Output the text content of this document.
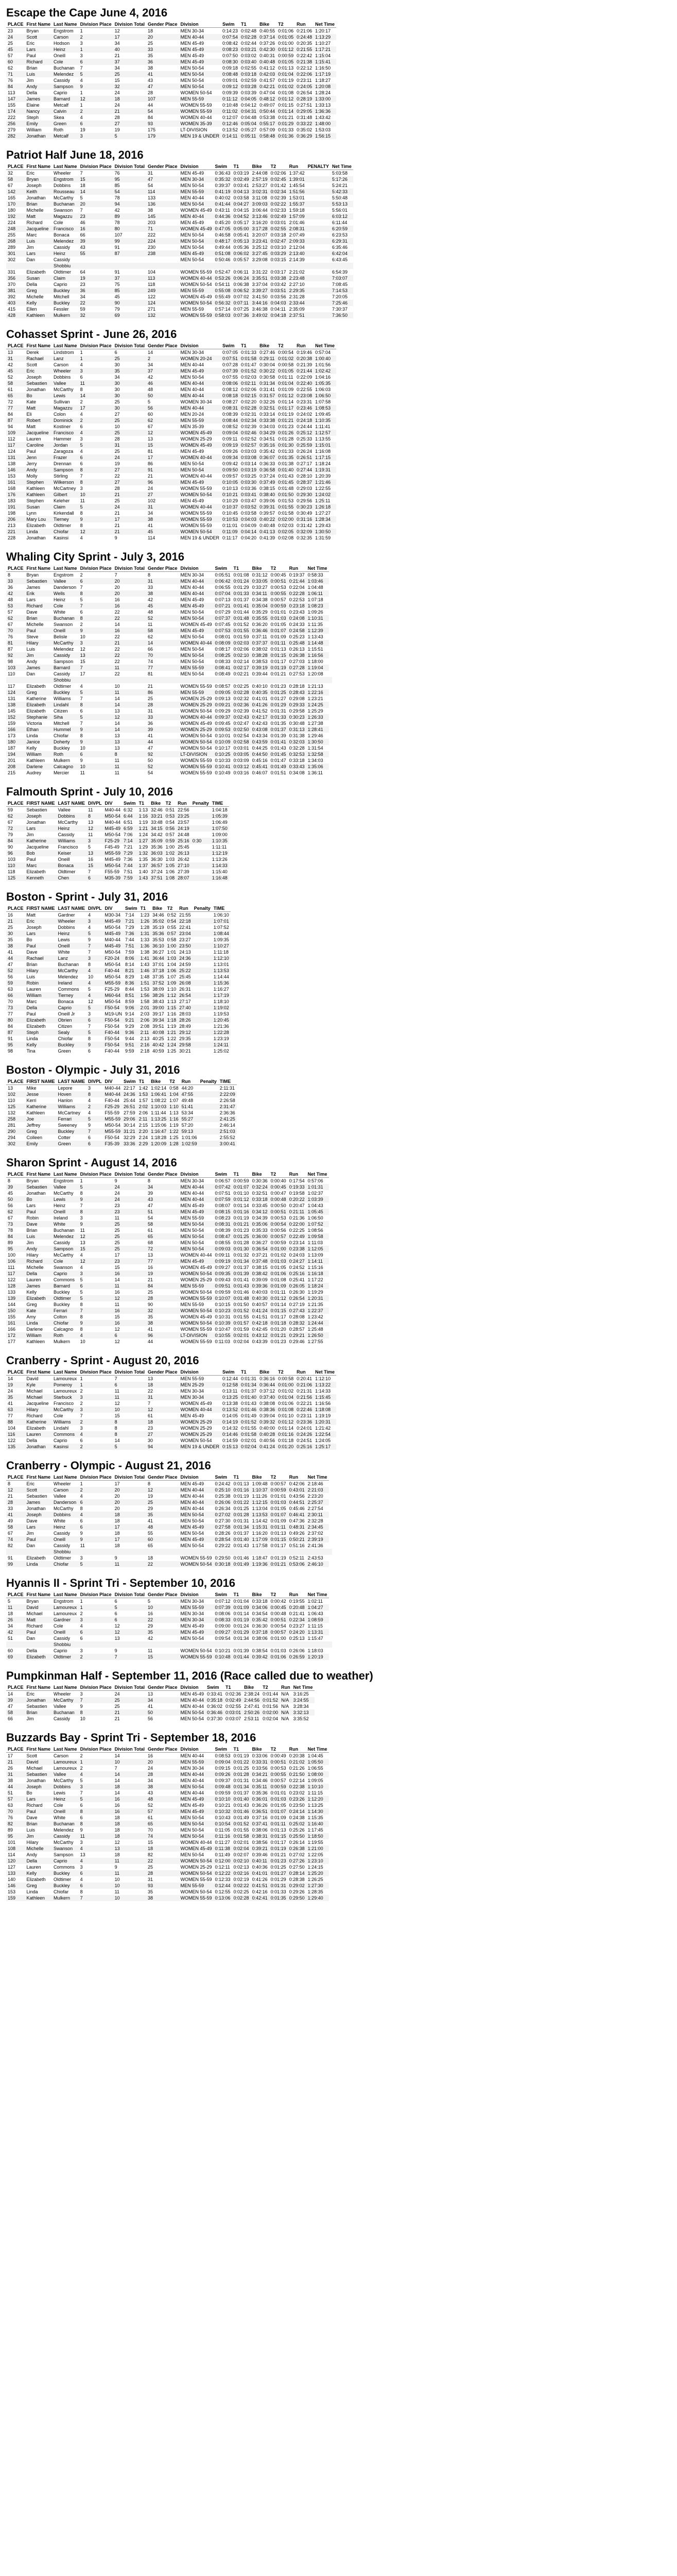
Escape the Cape June 4, 2016
PLACE	First Name	Last Name	Division Place	Division Total	Gender Place	Division	Swim	T1	Bike	T2	Run	Net Time
23	Bryan	Engstrom	1	12	18	MEN 30-34	0:14:23	0:02:48	0:40:55	0:01:06	0:21:06	1:20:17
24	Scott	Carson	2	17	20	MEN 40-44	0:07:54	0:02:28	0:37:14	0:01:05	0:24:48	1:13:29
25	Eric	Hodson	3	34	25	MEN 45-49	0:08:42	0:02:44	0:37:26	0:01:00	0:20:35	1:10:27
45	Lars	Heinz	1	40	33	MEN 45-49	0:08:23	0:03:21	0:42:30	0:01:12	0:21:55	1:17:21
57	Paul	Oneill	3	21	35	MEN 45-49	0:07:50	0:03:02	0:40:31	0:00:59	0:22:42	1:15:04
60	Richard	Cole	6	37	36	MEN 45-49	0:08:30	0:03:40	0:40:48	0:01:05	0:21:38	1:15:41
62	Brian	Buchanan	7	34	38	MEN 50-54	0:09:18	0:02:55	0:41:12	0:01:13	0:22:12	1:16:50
71	Luis	Melendez	5	25	41	MEN 50-54	0:08:48	0:03:18	0:42:03	0:01:04	0:22:06	1:17:19
76	Jim	Cassidy	4	15	43	MEN 50-54	0:09:01	0:02:59	0:41:57	0:01:19	0:23:11	1:18:27
84	Andy	Sampson	9	32	47	MEN 50-54	0:09:12	0:03:28	0:42:21	0:01:02	0:24:05	1:20:08
113	Della	Caprio	1	24	28	WOMEN 50-54	0:09:39	0:03:39	0:47:04	0:01:08	0:26:54	1:28:24
147	James	Barnard	12	18	107	MEN 55-59	0:11:12	0:04:05	0:48:12	0:01:12	0:28:19	1:33:00
155	Elaine	Metcalf	1	24	44	WOMEN 55-59	0:10:48	0:04:12	0:49:07	0:01:15	0:27:51	1:33:13
174	Nancy	Calvin	2	21	54	WOMEN 55-59	0:11:02	0:04:31	0:50:44	0:01:14	0:29:05	1:36:36
222	Steph	Skea	4	28	84	WOMEN 40-44	0:12:07	0:04:48	0:53:38	0:01:21	0:31:48	1:43:42
256	Emily	Green	6	27	93	WOMEN 35-39	0:12:46	0:05:04	0:55:17	0:01:29	0:33:22	1:48:00
279	William	Roth	19	19	175	LT-DIVISION	0:13:52	0:05:27	0:57:09	0:01:33	0:35:02	1:53:03
282	Jonathan	Metcalf	3	5	179	MEN 19 & UNDER	0:14:11	0:05:11	0:58:48	0:01:36	0:36:29	1:56:15
Patriot Half June 18, 2016
PLACE	First Name	Last Name	Division Place	Division Total	Gender Place	Division	Swim	T1	Bike	T2	Run	PENALTY	Net Time
32	Eric	Wheeler	7	76	31	MEN 45-49	0:36:43	0:03:19	2:44:08	0:02:06	1:37:42		5:03:58
58	Bryan	Engstrom	15	95	47	MEN 30-34	0:35:32	0:02:49	2:57:19	0:02:45	1:39:01		5:17:26
67	Joseph	Dobbins	18	85	54	MEN 50-54	0:39:37	0:03:41	2:53:27	0:01:42	1:45:54		5:24:21
142	Keith	Rousseau	14	54	114	MEN 55-59	0:41:19	0:04:13	3:02:31	0:02:34	1:51:56		5:42:33
165	Jonathan	McCarthy	5	78	133	MEN 40-44	0:40:02	0:03:58	3:11:08	0:02:39	1:53:01		5:50:48
170	Brian	Buchanan	20	94	136	MEN 50-54	0:41:44	0:04:27	3:09:03	0:02:22	1:55:37		5:53:13
180	Michelle	Swanson	7	42	38	WOMEN 45-49	0:43:11	0:04:15	3:06:44	0:02:33	1:59:18		5:56:01
192	Matt	Magazzu	23	89	145	MEN 40-44	0:44:36	0:04:52	3:13:46	0:02:49	1:57:09		6:03:12
224	Richard	Cole	46	78	203	MEN 45-49	0:45:20	0:05:17	3:16:20	0:03:01	2:01:46		6:11:44
248	Jacqueline	Francisco	16	80	71	WOMEN 45-49	0:47:05	0:05:00	3:17:28	0:02:55	2:08:31		6:20:59
255	Marc	Bonaca	66	107	222	MEN 50-54	0:46:58	0:05:41	3:20:07	0:03:18	2:07:49		6:23:53
268	Luis	Melendez	39	99	224	MEN 50-54	0:48:17	0:05:13	3:23:41	0:02:47	2:09:33		6:29:31
289	Jim	Cassidy	43	91	230	MEN 50-54	0:49:44	0:05:36	3:25:12	0:03:10	2:12:04		6:35:46
301	Lars	Heinz	55	87	238	MEN 45-49	0:51:08	0:06:02	3:27:45	0:03:29	2:13:40		6:42:04
302	Dan	Cassidy				MEN 50-54	0:50:46	0:05:57	3:29:08	0:03:15	2:14:39		6:43:45
		Shobbiu											
331	Elizabeth	Oldtimer	64	91	104	WOMEN 55-59	0:52:47	0:06:11	3:31:22	0:03:17	2:21:02		6:54:39
356	Susan	Claim	19	37	113	WOMEN 40-44	0:53:26	0:06:24	3:35:51	0:03:38	2:23:48		7:03:07
370	Della	Caprio	23	75	118	WOMEN 50-54	0:54:11	0:06:38	3:37:04	0:03:42	2:27:10		7:08:45
381	Greg	Buckley	36	85	249	MEN 55-59	0:55:08	0:06:52	3:39:27	0:03:51	2:29:35		7:14:53
392	Michelle	Mitchell	34	45	122	WOMEN 45-49	0:55:49	0:07:02	3:41:50	0:03:56	2:31:28		7:20:05
403	Kelly	Buckley	22	90	124	WOMEN 50-54	0:56:32	0:07:11	3:44:16	0:04:03	2:33:44		7:25:46
415	Ellen	Fessler	59	79	271	MEN 55-59	0:57:14	0:07:25	3:46:38	0:04:11	2:35:09		7:30:37
428	Kathleen	Mulkern	32	69	132	WOMEN 55-59	0:58:03	0:07:36	3:49:02	0:04:18	2:37:51		7:36:50
Cohasset Sprint - June 26, 2016
PLACE	First Name	Last Name	Division Place	Division Total	Gender Place	Division	Swim	T1	Bike	T2	Run	Net Time
13	Derek	Lindstrom	1	6	14	MEN 30-34	0:07:05	0:01:33	0:27:46	0:00:54	0:19:46	0:57:04
31	Rachael	Lanz	1	25	2	WOMEN 20-24	0:07:51	0:01:58	0:29:11	0:01:02	0:20:38	1:00:40
42	Scott	Carson	4	30	34	MEN 40-44	0:07:28	0:01:47	0:30:04	0:00:58	0:21:39	1:01:56
45	Eric	Wheeler	3	35	37	MEN 45-49	0:07:39	0:01:52	0:30:22	0:01:05	0:21:44	1:02:42
52	Joseph	Dobbins	6	34	42	MEN 50-54	0:07:55	0:02:03	0:30:58	0:01:11	0:22:09	1:04:16
58	Sebastien	Vallee	11	30	46	MEN 40-44	0:08:06	0:02:11	0:31:34	0:01:04	0:22:40	1:05:35
61	Jonathan	McCarthy	8	30	48	MEN 40-44	0:08:12	0:02:06	0:31:41	0:01:09	0:22:55	1:06:03
65	Bo	Lewis	14	30	50	MEN 40-44	0:08:18	0:02:15	0:31:57	0:01:12	0:23:08	1:06:50
72	Kate	Sullivan	2	25	5	WOMEN 30-34	0:08:27	0:02:20	0:32:26	0:01:14	0:23:31	1:07:58
77	Matt	Magazzu	17	30	56	MEN 40-44	0:08:31	0:02:28	0:32:51	0:01:17	0:23:46	1:08:53
84	Eli	Colon	4	27	60	MEN 20-24	0:08:39	0:02:31	0:33:14	0:01:19	0:24:02	1:09:45
87	Robert	Dominick	2	25	62	MEN 55-59	0:08:44	0:02:34	0:33:38	0:01:21	0:24:18	1:10:35
94	Matt	Kostiner	6	10	67	MEN 35-39	0:08:52	0:02:39	0:34:03	0:01:23	0:24:44	1:11:41
109	Jacqueline	Francisco	4	25	12	WOMEN 45-49	0:09:04	0:02:46	0:34:29	0:01:26	0:25:12	1:12:57
112	Lauren	Hammer	3	28	13	WOMEN 25-29	0:09:11	0:02:52	0:34:51	0:01:28	0:25:33	1:13:55
117	Caroline	Jordan	5	31	15	WOMEN 45-49	0:09:19	0:02:57	0:35:16	0:01:30	0:25:59	1:15:01
124	Paul	Zaragoza	4	25	81	MEN 45-49	0:09:26	0:03:03	0:35:42	0:01:33	0:26:24	1:16:08
131	Jenn	Frazer	6	24	17	WOMEN 40-44	0:09:34	0:03:08	0:36:07	0:01:35	0:26:51	1:17:15
138	Jerry	Drennan	6	19	86	MEN 50-54	0:09:42	0:03:14	0:36:33	0:01:38	0:27:17	1:18:24
146	Andy	Sampson	8	27	91	MEN 50-54	0:09:50	0:03:19	0:36:58	0:01:40	0:27:44	1:19:31
153	Molly	Stirling	7	22	21	WOMEN 40-44	0:09:57	0:03:25	0:37:24	0:01:43	0:28:10	1:20:39
161	Stephen	Wilkerson	8	27	96	MEN 45-49	0:10:05	0:03:30	0:37:49	0:01:45	0:28:37	1:21:46
168	Kathleen	McCartney	3	28	24	WOMEN 55-59	0:10:13	0:03:36	0:38:15	0:01:48	0:29:03	1:22:55
176	Kathleen	Gilbert	10	21	27	WOMEN 50-54	0:10:21	0:03:41	0:38:40	0:01:50	0:29:30	1:24:02
183	Stephen	Keleher	11	25	102	MEN 45-49	0:10:29	0:03:47	0:39:06	0:01:53	0:29:56	1:25:11
191	Susan	Claim	5	24	31	WOMEN 40-44	0:10:37	0:03:52	0:39:31	0:01:55	0:30:23	1:26:18
198	Lynn	Kirkendall	8	21	34	WOMEN 55-59	0:10:45	0:03:58	0:39:57	0:01:58	0:30:49	1:27:27
206	Mary Lou	Tierney	9	17	38	WOMEN 55-59	0:10:53	0:04:03	0:40:22	0:02:00	0:31:16	1:28:34
213	Elizabeth	Oldtimer	8	21	41	WOMEN 55-59	0:11:01	0:04:09	0:40:48	0:02:03	0:31:42	1:29:43
221	Linda	Chiofar	12	21	45	WOMEN 50-54	0:11:09	0:04:14	0:41:13	0:02:05	0:32:09	1:30:50
228	Jonathan	Kasinsi	4	9	114	MEN 19 & UNDER	0:11:17	0:04:20	0:41:39	0:02:08	0:32:35	1:31:59
Whaling City Sprint - July 3, 2016
PLACE	First Name	Last Name	Division Place	Division Total	Gender Place	Division	Swim	T1	Bike	T2	Run	Net Time	
8	Bryan	Engstrom	2	7	8	MEN 30-34	0:05:51	0:01:08	0:31:12	0:00:45	0:19:37	0:58:33	
33	Sebastien	Vallee	6	20	31	MEN 40-44	0:06:42	0:01:24	0:33:05	0:00:51	0:21:44	1:03:46	
36	James	Danderson	7	20	33	MEN 40-44	0:06:55	0:01:29	0:33:27	0:00:53	0:22:04	1:04:48	
42	Erik	Wells	8	20	38	MEN 40-44	0:07:04	0:01:33	0:34:11	0:00:55	0:22:28	1:06:11	
48	Lars	Heinz	5	16	42	MEN 45-49	0:07:13	0:01:37	0:34:38	0:00:57	0:22:53	1:07:18	
53	Richard	Cole	7	16	45	MEN 45-49	0:07:21	0:01:41	0:35:04	0:00:59	0:23:18	1:08:23	
57	Dave	White	6	22	48	MEN 50-54	0:07:29	0:01:44	0:35:29	0:01:01	0:23:43	1:09:26	
62	Brian	Buchanan	8	22	52	MEN 50-54	0:07:37	0:01:48	0:35:55	0:01:03	0:24:08	1:10:31	
67	Michelle	Swanson	2	14	11	WOMEN 45-49	0:07:45	0:01:52	0:36:20	0:01:05	0:24:33	1:11:35	
70	Paul	Oneill	9	16	58	MEN 45-49	0:07:53	0:01:55	0:36:46	0:01:07	0:24:58	1:12:39	
76	Steve	Belisle	10	22	62	MEN 50-54	0:08:01	0:01:59	0:37:11	0:01:09	0:25:23	1:13:43	
81	Hilary	McCarthy	3	21	14	WOMEN 40-44	0:08:09	0:02:03	0:37:37	0:01:11	0:25:48	1:14:48	
87	Luis	Melendez	12	22	66	MEN 50-54	0:08:17	0:02:06	0:38:02	0:01:13	0:26:13	1:15:51	
92	Jim	Cassidy	13	22	70	MEN 50-54	0:08:25	0:02:10	0:38:28	0:01:15	0:26:38	1:16:56	
98	Andy	Sampson	15	22	74	MEN 50-54	0:08:33	0:02:14	0:38:53	0:01:17	0:27:03	1:18:00	
103	James	Barnard	7	11	77	MEN 55-59	0:08:41	0:02:17	0:39:19	0:01:19	0:27:28	1:19:04	
110	Dan	Cassidy	17	22	81	MEN 50-54	0:08:49	0:02:21	0:39:44	0:01:21	0:27:53	1:20:08	
		Shobbiu											
117	Elizabeth	Oldtimer	4	10	21	WOMEN 55-59	0:08:57	0:02:25	0:40:10	0:01:23	0:28:18	1:21:13	
124	Greg	Buckley	5	11	86	MEN 55-59	0:09:05	0:02:28	0:40:35	0:01:25	0:28:43	1:22:16	
131	Katherine	Williams	7	14	25	WOMEN 25-29	0:09:13	0:02:32	0:41:01	0:01:27	0:29:08	1:23:21	
138	Elizabeth	Lindahl	8	14	28	WOMEN 25-29	0:09:21	0:02:36	0:41:26	0:01:29	0:29:33	1:24:25	
145	Elizabeth	Citizen	6	13	31	WOMEN 50-54	0:09:29	0:02:39	0:41:52	0:01:31	0:29:58	1:25:29	
152	Stephanie	Siha	5	12	33	WOMEN 40-44	0:09:37	0:02:43	0:42:17	0:01:33	0:30:23	1:26:33	
159	Victoria	Mitchell	7	14	36	WOMEN 45-49	0:09:45	0:02:47	0:42:43	0:01:35	0:30:48	1:27:38	
166	Ethan	Hummel	9	14	39	WOMEN 25-29	0:09:53	0:02:50	0:43:08	0:01:37	0:31:13	1:28:41	
173	Linda	Chiofar	8	13	41	WOMEN 50-54	0:10:01	0:02:54	0:43:34	0:01:39	0:31:38	1:29:46	
180	Janice	Doherty	9	13	44	WOMEN 50-54	0:10:09	0:02:58	0:43:59	0:01:41	0:32:03	1:30:50	
187	Kelly	Buckley	10	13	47	WOMEN 50-54	0:10:17	0:03:01	0:44:25	0:01:43	0:32:28	1:31:54	
194	William	Roth	6	8	92	LT-DIVISION	0:10:25	0:03:05	0:44:50	0:01:45	0:32:53	1:32:58	
201	Kathleen	Mulkern	9	11	50	WOMEN 55-59	0:10:33	0:03:09	0:45:16	0:01:47	0:33:18	1:34:03	
208	Darlene	Calcagno	10	11	52	WOMEN 55-59	0:10:41	0:03:12	0:45:41	0:01:49	0:33:43	1:35:06	
215	Audrey	Mercier	11	11	54	WOMEN 55-59	0:10:49	0:03:16	0:46:07	0:01:51	0:34:08	1:36:11	
Falmouth Sprint - July 10, 2016
PLACE	FIRST NAME	LAST NAME	DIVPL	DIV	Swim	T1	Bike	T2	Run	Penalty	TIME
59	Sebastien	Vallee	11	M40-44	6:32	1:13	32:46	0:51	22:56		1:04:18
62	Joseph	Dobbins	8	M50-54	6:44	1:16	33:21	0:53	23:25		1:05:39
67	Jonathan	McCarthy	13	M40-44	6:51	1:19	33:48	0:54	23:57		1:06:49
72	Lars	Heinz	12	M45-49	6:59	1:21	34:15	0:56	24:19		1:07:50
79	Jim	Cassidy	11	M50-54	7:06	1:24	34:42	0:57	24:48		1:09:00
84	Katherine	Williams	3	F25-29	7:14	1:27	35:09	0:59	25:16	0:30	1:10:35
90	Jacqueline	Francisco	5	F45-49	7:21	1:29	35:36	1:00	25:45		1:11:11
96	Bob	Keiser	13	M55-59	7:29	1:32	36:03	1:02	26:13		1:12:19
103	Paul	Oneill	16	M45-49	7:36	1:35	36:30	1:03	26:42		1:13:26
110	Marc	Bonaca	15	M50-54	7:44	1:37	36:57	1:05	27:10		1:14:33
118	Elizabeth	Oldtimer	7	F55-59	7:51	1:40	37:24	1:06	27:39		1:15:40
125	Kenneth	Chen	6	M35-39	7:59	1:43	37:51	1:08	28:07		1:16:48
Boston - Sprint - July 31, 2016
PLACE	FIRST NAME	LAST NAME	DIVPL	DIV	Swim	T1	Bike	T2	Run	Penalty	TIME
16	Matt	Gardner	4	M30-34	7:14	1:23	34:46	0:52	21:55		1:06:10
21	Eric	Wheeler	3	M45-49	7:21	1:26	35:02	0:54	22:18		1:07:01
25	Joseph	Dobbins	4	M50-54	7:29	1:28	35:19	0:55	22:41		1:07:52
30	Lars	Heinz	5	M45-49	7:36	1:31	35:36	0:57	23:04		1:08:44
35	Bo	Lewis	9	M40-44	7:44	1:33	35:53	0:58	23:27		1:09:35
38	Paul	Oneill	7	M45-49	7:51	1:36	36:10	1:00	23:50		1:10:27
41	Dave	White	7	M50-54	7:59	1:38	36:27	1:01	24:13		1:11:18
44	Rachael	Lanz	3	F20-24	8:06	1:41	36:44	1:03	24:36		1:12:10
47	Brian	Buchanan	8	M50-54	8:14	1:43	37:01	1:04	24:59		1:13:01
52	Hilary	McCarthy	4	F40-44	8:21	1:46	37:18	1:06	25:22		1:13:53
56	Luis	Melendez	10	M50-54	8:29	1:48	37:35	1:07	25:45		1:14:44
59	Robin	Ireland	4	M55-59	8:36	1:51	37:52	1:09	26:08		1:15:36
63	Lauren	Commons	5	F25-29	8:44	1:53	38:09	1:10	26:31		1:16:27
66	William	Tierney	4	M60-64	8:51	1:56	38:26	1:12	26:54		1:17:19
70	Marc	Bonaca	12	M50-54	8:59	1:58	38:43	1:13	27:17		1:18:10
73	Della	Caprio	5	F50-54	9:06	2:01	39:00	1:15	27:40		1:19:02
77	Paul	Oneill Jr	3	M19-UN	9:14	2:03	39:17	1:16	28:03		1:19:53
80	Elizabeth	Obrien	6	F50-54	9:21	2:06	39:34	1:18	28:26		1:20:45
84	Elizabeth	Citizen	7	F50-54	9:29	2:08	39:51	1:19	28:49		1:21:36
87	Steph	Sealy	5	F40-44	9:36	2:11	40:08	1:21	29:12		1:22:28
91	Linda	Chiofar	8	F50-54	9:44	2:13	40:25	1:22	29:35		1:23:19
95	Kelly	Buckley	9	F50-54	9:51	2:16	40:42	1:24	29:58		1:24:11
98	Tina	Green	6	F40-44	9:59	2:18	40:59	1:25	30:21		1:25:02
Boston - Olympic - July 31, 2016
PLACE	FIRST NAME	LAST NAME	DIVPL	DIV	Swim	T1	Bike	T2	Run	Penalty	TIME
13	Mike	Lepore	3	M40-44	22:17	1:42	1:02:14	0:58	44:20		2:11:31
102	Jesse	Hoven	8	M40-44	24:36	1:53	1:06:41	1:04	47:55		2:22:09
110	Kerri	Hanlon	4	F40-44	25:44	1:57	1:08:22	1:07	49:48		2:26:58
125	Katherine	Williams	2	F25-29	26:51	2:02	1:10:03	1:10	51:41		2:31:47
132	Kathleen	McCartney	4	F55-59	27:59	2:06	1:11:44	1:13	53:34		2:36:36
258	Joe	Ferrari	5	M55-59	29:06	2:11	1:13:25	1:16	55:27		2:41:25
281	Jeffrey	Sweeney	9	M50-54	30:14	2:15	1:15:06	1:19	57:20		2:46:14
290	Greg	Buckley	7	M55-59	31:21	2:20	1:16:47	1:22	59:13		2:51:03
294	Colleen	Cotter	6	F50-54	32:29	2:24	1:18:28	1:25	1:01:06		2:55:52
302	Emily	Green	6	F35-39	33:36	2:29	1:20:09	1:28	1:02:59		3:00:41
Sharon Sprint - August 14, 2016
PLACE	First Name	Last Name	Division Place	Division Total	Gender Place	Division	Swim	T1	Bike	T2	Run	Net Time
8	Bryan	Engstrom	1	9	8	MEN 30-34	0:06:57	0:00:59	0:30:36	0:00:40	0:17:54	0:57:06
39	Sebastien	Vallee	5	24	34	MEN 40-44	0:07:42	0:01:07	0:32:24	0:00:45	0:19:33	1:01:31
45	Jonathan	McCarthy	8	24	39	MEN 40-44	0:07:51	0:01:10	0:32:51	0:00:47	0:19:58	1:02:37
50	Bo	Lewis	9	24	43	MEN 40-44	0:07:59	0:01:12	0:33:18	0:00:48	0:20:22	1:03:39
56	Lars	Heinz	7	23	47	MEN 45-49	0:08:07	0:01:14	0:33:45	0:00:50	0:20:47	1:04:43
62	Paul	Oneill	8	23	51	MEN 45-49	0:08:15	0:01:16	0:34:12	0:00:51	0:21:11	1:05:45
67	Robin	Ireland	3	11	54	MEN 55-59	0:08:23	0:01:19	0:34:39	0:00:53	0:21:36	1:06:50
73	Dave	White	9	25	58	MEN 50-54	0:08:31	0:01:21	0:35:06	0:00:54	0:22:00	1:07:52
78	Brian	Buchanan	11	25	61	MEN 50-54	0:08:39	0:01:23	0:35:33	0:00:56	0:22:25	1:08:56
84	Luis	Melendez	12	25	65	MEN 50-54	0:08:47	0:01:25	0:36:00	0:00:57	0:22:49	1:09:58
89	Jim	Cassidy	13	25	68	MEN 50-54	0:08:55	0:01:28	0:36:27	0:00:59	0:23:14	1:11:03
95	Andy	Sampson	15	25	72	MEN 50-54	0:09:03	0:01:30	0:36:54	0:01:00	0:23:38	1:12:05
100	Hilary	McCarthy	4	17	13	WOMEN 40-44	0:09:11	0:01:32	0:37:21	0:01:02	0:24:03	1:13:09
106	Richard	Cole	12	23	77	MEN 45-49	0:09:19	0:01:34	0:37:48	0:01:03	0:24:27	1:14:11
111	Michelle	Swanson	4	15	16	WOMEN 45-49	0:09:27	0:01:37	0:38:15	0:01:05	0:24:52	1:15:16
117	Della	Caprio	3	16	19	WOMEN 50-54	0:09:35	0:01:39	0:38:42	0:01:06	0:25:16	1:16:18
122	Lauren	Commons	5	14	21	WOMEN 25-29	0:09:43	0:01:41	0:39:09	0:01:08	0:25:41	1:17:22
128	James	Barnard	6	11	84	MEN 55-59	0:09:51	0:01:43	0:39:36	0:01:09	0:26:05	1:18:24
133	Kelly	Buckley	5	16	25	WOMEN 50-54	0:09:59	0:01:46	0:40:03	0:01:11	0:26:30	1:19:29
139	Elizabeth	Oldtimer	5	12	28	WOMEN 55-59	0:10:07	0:01:48	0:40:30	0:01:12	0:26:54	1:20:31
144	Greg	Buckley	8	11	90	MEN 55-59	0:10:15	0:01:50	0:40:57	0:01:14	0:27:19	1:21:35
150	Kate	Ferrari	7	16	32	WOMEN 50-54	0:10:23	0:01:52	0:41:24	0:01:15	0:27:43	1:22:37
155	Amy	Colton	8	15	35	WOMEN 45-49	0:10:31	0:01:55	0:41:51	0:01:17	0:28:08	1:23:42
161	Linda	Chiofar	9	16	38	WOMEN 50-54	0:10:39	0:01:57	0:42:18	0:01:18	0:28:32	1:24:44
166	Darlene	Calcagno	8	12	41	WOMEN 55-59	0:10:47	0:01:59	0:42:45	0:01:20	0:28:57	1:25:48
172	William	Roth	4	6	96	LT-DIVISION	0:10:55	0:02:01	0:43:12	0:01:21	0:29:21	1:26:50
177	Kathleen	Mulkern	10	12	44	WOMEN 55-59	0:11:03	0:02:04	0:43:39	0:01:23	0:29:46	1:27:55
Cranberry - Sprint - August 20, 2016
PLACE	First Name	Last Name	Division Place	Division Total	Gender Place	Division	Swim	T1	Bike	T2	Run	Net Time
14	David	Lamoureux	1	7	13	MEN 55-59	0:12:44	0:01:31	0:36:16	0:00:58	0:20:41	1:12:10
19	Kyle	Pomeroy	1	6	18	MEN 25-29	0:12:58	0:01:34	0:36:44	0:01:00	0:21:06	1:13:22
24	Michael	Lamoureux	2	11	22	MEN 30-34	0:13:11	0:01:37	0:37:12	0:01:02	0:21:31	1:14:33
35	Michael	Starbuck	3	11	31	MEN 30-34	0:13:25	0:01:40	0:37:40	0:01:04	0:21:56	1:15:45
41	Jacqueline	Francisco	2	12	7	WOMEN 45-49	0:13:38	0:01:43	0:38:08	0:01:06	0:22:21	1:16:56
63	Hilary	McCarthy	3	10	12	WOMEN 40-44	0:13:52	0:01:46	0:38:36	0:01:08	0:22:46	1:18:08
77	Richard	Cole	7	15	61	MEN 45-49	0:14:05	0:01:49	0:39:04	0:01:10	0:23:11	1:19:19
88	Katherine	Williams	2	8	18	WOMEN 25-29	0:14:19	0:01:52	0:39:32	0:01:12	0:23:36	1:20:31
104	Elizabeth	Lindahl	3	8	23	WOMEN 25-29	0:14:32	0:01:55	0:40:00	0:01:14	0:24:01	1:21:42
116	Lauren	Commons	4	8	27	WOMEN 25-29	0:14:46	0:01:58	0:40:28	0:01:16	0:24:26	1:22:54
122	Della	Caprio	6	14	30	WOMEN 50-54	0:14:59	0:02:01	0:40:56	0:01:18	0:24:51	1:24:05
135	Jonathan	Kasinsi	2	5	94	MEN 19 & UNDER	0:15:13	0:02:04	0:41:24	0:01:20	0:25:16	1:25:17
Cranberry - Olympic - August 21, 2016
PLACE	First Name	Last Name	Division Place	Division Total	Gender Place	Division	Swim	T1	Bike	T2	Run	Net Time	
8	Eric	Wheeler	1	17	8	MEN 45-49	0:24:42	0:01:13	1:09:48	0:00:57	0:42:06	2:18:46	
12	Scott	Carson	2	20	12	MEN 40-44	0:25:10	0:01:16	1:10:37	0:00:59	0:43:01	2:21:03	
21	Sebastien	Vallee	4	20	19	MEN 40-44	0:25:38	0:01:19	1:11:26	0:01:01	0:43:56	2:23:20	
28	James	Danderson	6	20	25	MEN 40-44	0:26:06	0:01:22	1:12:15	0:01:03	0:44:51	2:25:37	
33	Jonathan	McCarthy	8	20	29	MEN 40-44	0:26:34	0:01:25	1:13:04	0:01:05	0:45:46	2:27:54	
41	Joseph	Dobbins	4	18	35	MEN 50-54	0:27:02	0:01:28	1:13:53	0:01:07	0:46:41	2:30:11	
49	Dave	White	6	18	41	MEN 50-54	0:27:30	0:01:31	1:14:42	0:01:09	0:47:36	2:32:28	
58	Lars	Heinz	6	17	48	MEN 45-49	0:27:58	0:01:34	1:15:31	0:01:11	0:48:31	2:34:45	
67	Jim	Cassidy	9	18	55	MEN 50-54	0:28:26	0:01:37	1:16:20	0:01:13	0:49:26	2:37:02	
74	Paul	Oneill	9	17	60	MEN 45-49	0:28:54	0:01:40	1:17:09	0:01:15	0:50:21	2:39:19	
82	Dan	Cassidy	11	18	65	MEN 50-54	0:29:22	0:01:43	1:17:58	0:01:17	0:51:16	2:41:36	
		Shobbiu											
91	Elizabeth	Oldtimer	3	9	18	WOMEN 55-59	0:29:50	0:01:46	1:18:47	0:01:19	0:52:11	2:43:53	
99	Linda	Chiofar	5	11	22	WOMEN 50-54	0:30:18	0:01:49	1:19:36	0:01:21	0:53:06	2:46:10	
Hyannis II - Sprint Tri - September 10, 2016
PLACE	First Name	Last Name	Division Place	Division Total	Gender Place	Division	Swim	T1	Bike	T2	Run	Net Time	
5	Bryan	Engstrom	1	6	5	MEN 30-34	0:07:12	0:01:04	0:33:18	0:00:42	0:19:55	1:02:11	
11	David	Lamoureux	1	5	10	MEN 55-59	0:07:39	0:01:09	0:34:06	0:00:45	0:20:48	1:04:27	
18	Michael	Lamoureux	2	6	16	MEN 30-34	0:08:06	0:01:14	0:34:54	0:00:48	0:21:41	1:06:43	
26	Matt	Gardner	3	6	22	MEN 30-34	0:08:33	0:01:19	0:35:42	0:00:51	0:22:34	1:08:59	
34	Richard	Cole	4	12	29	MEN 45-49	0:09:00	0:01:24	0:36:30	0:00:54	0:23:27	1:11:15	
42	Paul	Oneill	6	12	35	MEN 45-49	0:09:27	0:01:29	0:37:18	0:00:57	0:24:20	1:13:31	
51	Dan	Cassidy	6	13	42	MEN 50-54	0:09:54	0:01:34	0:38:06	0:01:00	0:25:13	1:15:47	
		Shobbiu											
60	Della	Caprio	3	9	11	WOMEN 50-54	0:10:21	0:01:39	0:38:54	0:01:03	0:26:06	1:18:03	
69	Elizabeth	Oldtimer	2	7	15	WOMEN 55-59	0:10:48	0:01:44	0:39:42	0:01:06	0:26:59	1:20:19	
Pumpkinman Half - September 11, 2016 (Race called due to weather)
PLACE	First Name	Last Name	Division Place	Division Total	Gender Place	Division	Swim	T1	Bike	T2	Run	Net Time
14	Eric	Wheeler	3	24	13	MEN 45-49	0:33:41	0:02:36	2:38:24	0:01:44	N/A	3:16:25
39	Jonathan	McCarthy	7	25	34	MEN 40-44	0:35:18	0:02:49	2:44:56	0:01:52	N/A	3:24:55
47	Sebastien	Vallee	9	25	41	MEN 40-44	0:36:02	0:02:55	2:47:41	0:01:56	N/A	3:28:34
58	Brian	Buchanan	8	21	50	MEN 50-54	0:36:46	0:03:01	2:50:26	0:02:00	N/A	3:32:13
66	Jim	Cassidy	10	21	56	MEN 50-54	0:37:30	0:03:07	2:53:11	0:02:04	N/A	3:35:52
Buzzards Bay - Sprint Tri - September 18, 2016
PLACE	First Name	Last Name	Division Place	Division Total	Gender Place	Division	Swim	T1	Bike	T2	Run	Net Time
17	Scott	Carson	2	14	16	MEN 40-44	0:08:53	0:01:19	0:33:06	0:00:49	0:20:38	1:04:45
21	David	Lamoureux	1	10	20	MEN 55-59	0:09:04	0:01:22	0:33:31	0:00:51	0:21:02	1:05:50
26	Michael	Lamoureux	2	7	24	MEN 30-34	0:09:15	0:01:25	0:33:56	0:00:53	0:21:26	1:06:55
31	Sebastien	Vallee	4	14	28	MEN 40-44	0:09:26	0:01:28	0:34:21	0:00:55	0:21:50	1:08:00
38	Jonathan	McCarthy	5	14	34	MEN 40-44	0:09:37	0:01:31	0:34:46	0:00:57	0:22:14	1:09:05
44	Joseph	Dobbins	3	18	38	MEN 50-54	0:09:48	0:01:34	0:35:11	0:00:59	0:22:38	1:10:10
51	Bo	Lewis	7	14	43	MEN 40-44	0:09:59	0:01:37	0:35:36	0:01:01	0:23:02	1:11:15
57	Lars	Heinz	5	16	48	MEN 45-49	0:10:10	0:01:40	0:36:01	0:01:03	0:23:26	1:12:20
63	Richard	Cole	6	16	52	MEN 45-49	0:10:21	0:01:43	0:36:26	0:01:05	0:23:50	1:13:25
70	Paul	Oneill	8	16	57	MEN 45-49	0:10:32	0:01:46	0:36:51	0:01:07	0:24:14	1:14:30
76	Dave	White	6	18	61	MEN 50-54	0:10:43	0:01:49	0:37:16	0:01:09	0:24:38	1:15:35
82	Brian	Buchanan	8	18	65	MEN 50-54	0:10:54	0:01:52	0:37:41	0:01:11	0:25:02	1:16:40
89	Luis	Melendez	9	18	70	MEN 50-54	0:11:05	0:01:55	0:38:06	0:01:13	0:25:26	1:17:45
95	Jim	Cassidy	11	18	74	MEN 50-54	0:11:16	0:01:58	0:38:31	0:01:15	0:25:50	1:18:50
101	Hilary	McCarthy	3	12	15	WOMEN 40-44	0:11:27	0:02:01	0:38:56	0:01:17	0:26:14	1:19:55
108	Michelle	Swanson	4	13	18	WOMEN 45-49	0:11:38	0:02:04	0:39:21	0:01:19	0:26:38	1:21:00
114	Andy	Sampson	13	18	82	MEN 50-54	0:11:49	0:02:07	0:39:46	0:01:21	0:27:02	1:22:05
120	Della	Caprio	4	11	22	WOMEN 50-54	0:12:00	0:02:10	0:40:11	0:01:23	0:27:26	1:23:10
127	Lauren	Commons	3	9	25	WOMEN 25-29	0:12:11	0:02:13	0:40:36	0:01:25	0:27:50	1:24:15
133	Kelly	Buckley	6	11	28	WOMEN 50-54	0:12:22	0:02:16	0:41:01	0:01:27	0:28:14	1:25:20
140	Elizabeth	Oldtimer	4	10	31	WOMEN 55-59	0:12:33	0:02:19	0:41:26	0:01:29	0:28:38	1:26:25
146	Greg	Buckley	6	10	93	MEN 55-59	0:12:44	0:02:22	0:41:51	0:01:31	0:29:02	1:27:30
153	Linda	Chiofar	8	11	35	WOMEN 50-54	0:12:55	0:02:25	0:42:16	0:01:33	0:29:26	1:28:35
159	Kathleen	Mulkern	7	10	38	WOMEN 55-59	0:13:06	0:02:28	0:42:41	0:01:35	0:29:50	1:29:40
